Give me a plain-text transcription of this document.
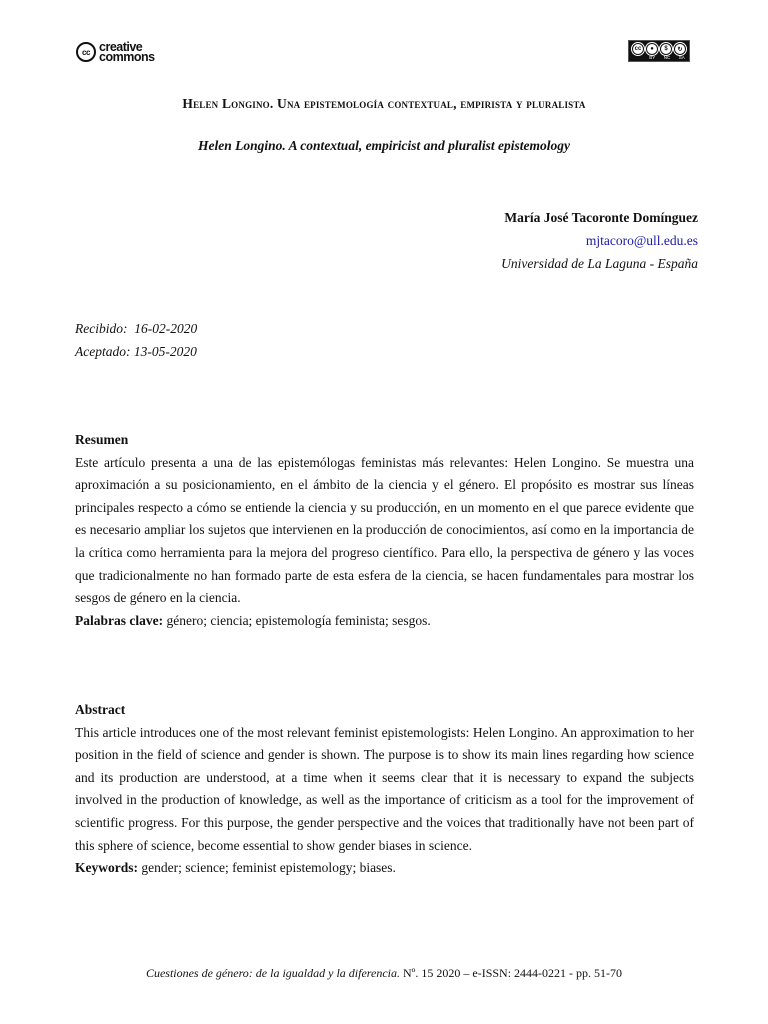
cc creative
commons
cc	●	$	↻
BY NC SA
Helen Longino. Una epistemología contextual, empirista y pluralista
Helen Longino. A contextual, empiricist and pluralist epistemology
María José Tacoronte Domínguez
mjtacoro@ull.edu.es
Universidad de La Laguna - España
Recibido:  16-02-2020
Aceptado: 13-05-2020
Resumen

Este artículo presenta a una de las epistemólogas feministas más relevantes: Helen Longino. Se muestra una aproximación a su posicionamiento, en el ámbito de la ciencia y el género. El propósito es mostrar sus líneas principales respecto a cómo se entiende la ciencia y su producción, en un momento en el que parece evidente que es necesario ampliar los sujetos que intervienen en la producción de conocimientos, así como en la importancia de la crítica como herramienta para la mejora del progreso científico. Para ello, la perspectiva de género y las voces que tradicionalmente no han formado parte de esta esfera de la ciencia, se hacen fundamentales para mostrar los sesgos de género en la ciencia.

Palabras clave: género; ciencia; epistemología feminista; sesgos.
Abstract

This article introduces one of the most relevant feminist epistemologists: Helen Longino. An approximation to her position in the field of science and gender is shown. The purpose is to show its main lines regarding how science and its production are understood, at a time when it seems clear that it is necessary to expand the subjects involved in the production of knowledge, as well as the importance of criticism as a tool for the improvement of scientific progress. For this purpose, the gender perspective and the voices that traditionally have not been part of this sphere of science, become essential to show gender biases in science.

Keywords: gender; science; feminist epistemology; biases.
Cuestiones de género: de la igualdad y la diferencia. Nº. 15 2020 – e-ISSN: 2444-0221 - pp. 51-70
